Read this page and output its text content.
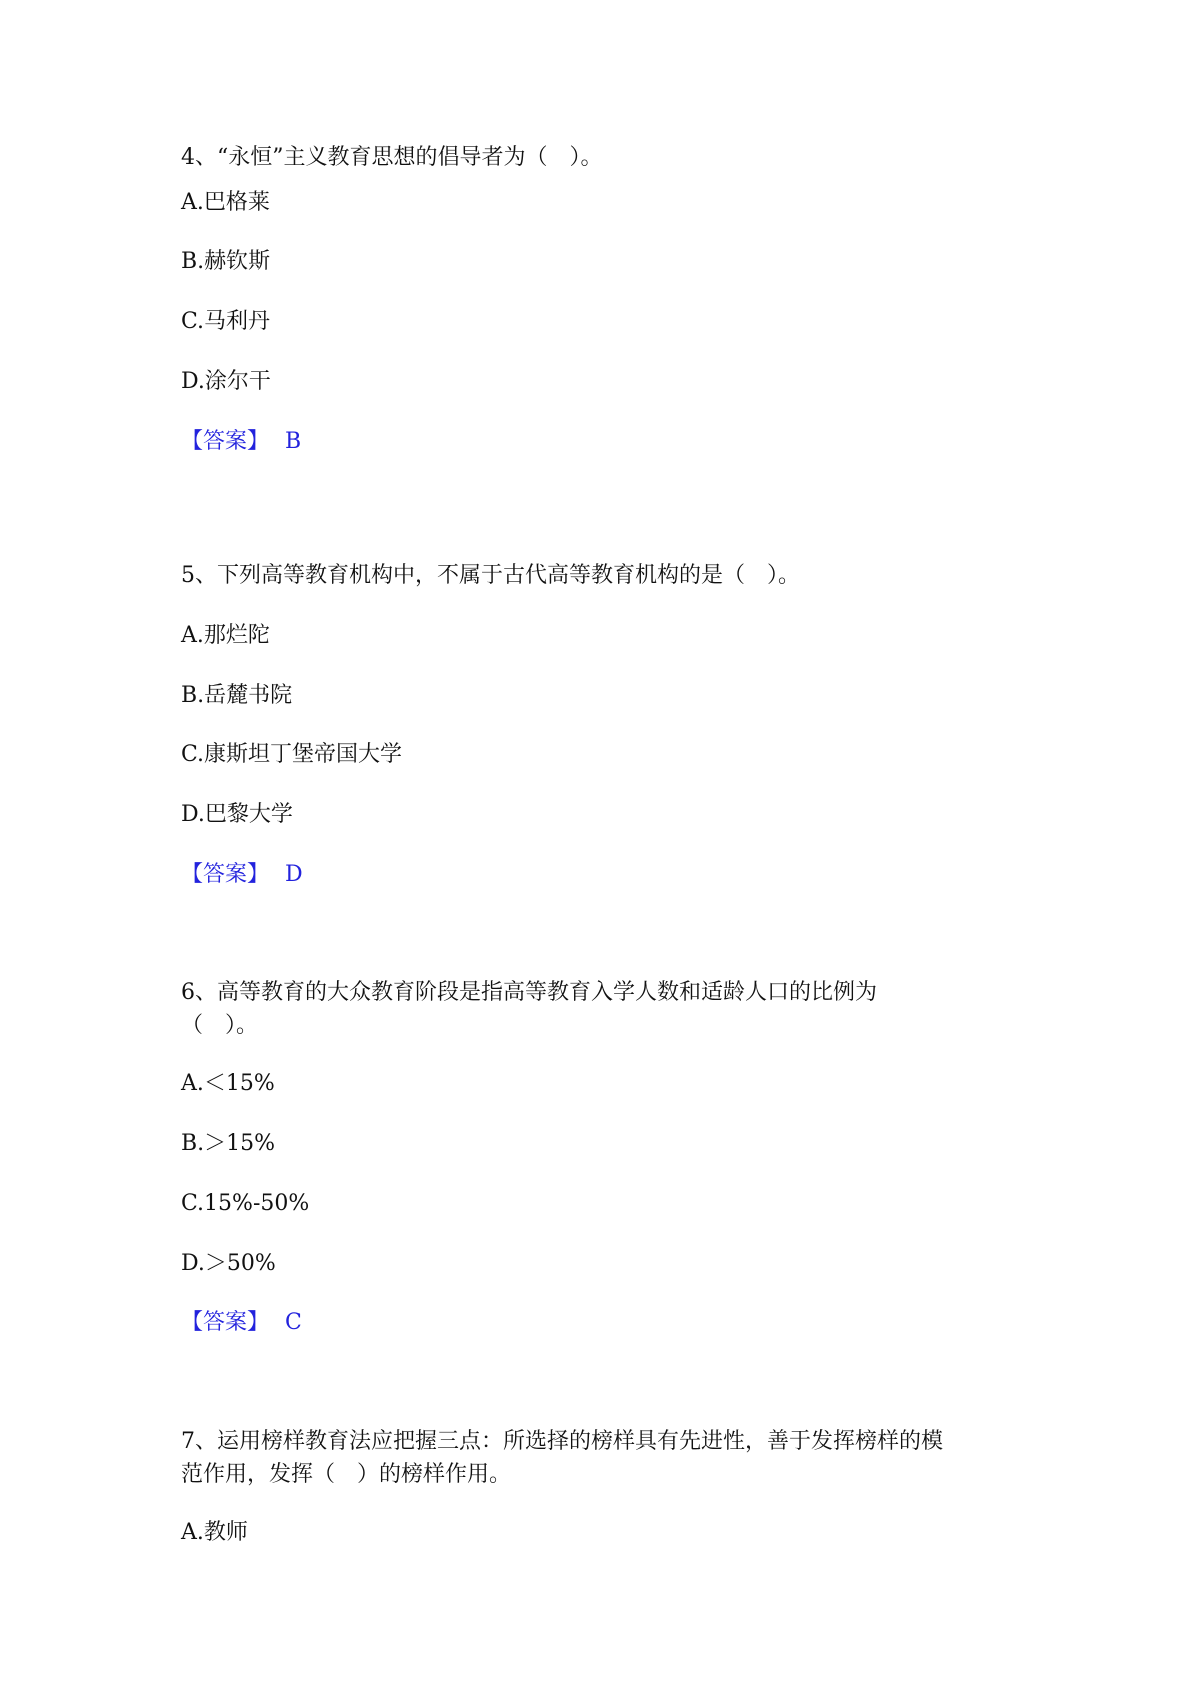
4、“永恒”主义教育思想的倡导者为（　）。
A.巴格莱
B.赫钦斯
C.马利丹
D.涂尔干
【答案】 B
5、下列高等教育机构中，不属于古代高等教育机构的是（　）。
A.那烂陀
B.岳麓书院
C.康斯坦丁堡帝国大学
D.巴黎大学
【答案】 D
6、高等教育的大众教育阶段是指高等教育入学人数和适龄人口的比例为
（　）。
A.＜15%
B.＞15%
C.15%-50%
D.＞50%
【答案】 C
7、运用榜样教育法应把握三点：所选择的榜样具有先进性，善于发挥榜样的模
范作用，发挥（　）的榜样作用。
A.教师
